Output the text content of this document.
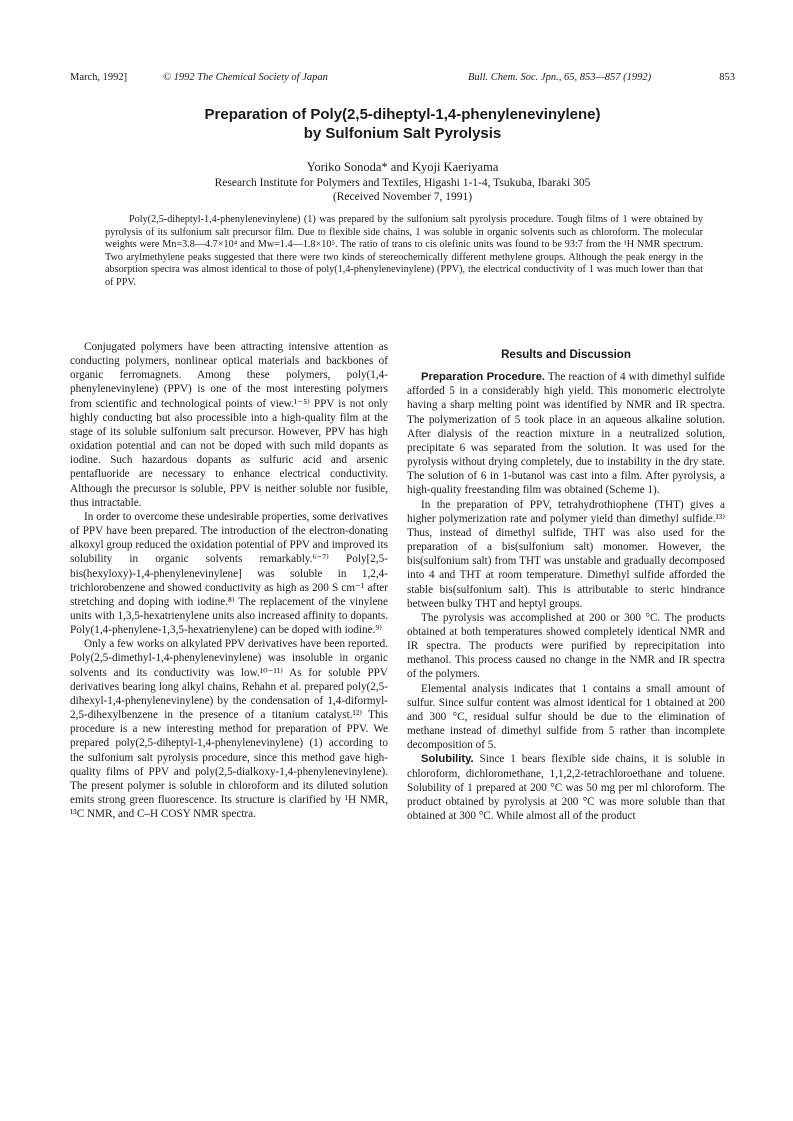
March, 1992]	© 1992 The Chemical Society of Japan	Bull. Chem. Soc. Jpn., 65, 853—857 (1992)	853
Preparation of Poly(2,5-diheptyl-1,4-phenylenevinylene)
by Sulfonium Salt Pyrolysis
Yoriko Sonoda* and Kyoji Kaeriyama
Research Institute for Polymers and Textiles, Higashi 1-1-4, Tsukuba, Ibaraki 305
(Received November 7, 1991)

Poly(2,5-diheptyl-1,4-phenylenevinylene) (1) was prepared by the sulfonium salt pyrolysis procedure. Tough films of 1 were obtained by pyrolysis of its sulfonium salt precursor film. Due to flexible side chains, 1 was soluble in organic solvents such as chloroform. The molecular weights were Mn=3.8—4.7×10⁴ and Mw=1.4—1.8×10⁵. The ratio of trans to cis olefinic units was found to be 93:7 from the ¹H NMR spectrum. Two arylmethylene peaks suggested that there were two kinds of stereochemically different methylene groups. Although the peak energy in the absorption spectra was almost identical to those of poly(1,4-phenylenevinylene) (PPV), the electrical conductivity of 1 was much lower than that of PPV.

Conjugated polymers have been attracting intensive attention as conducting polymers, nonlinear optical materials and backbones of organic ferromagnets. Among these polymers, poly(1,4-phenylenevinylene) (PPV) is one of the most interesting polymers from scientific and technological points of view.¹⁻⁵⁾ PPV is not only highly conducting but also processible into a high-quality film at the stage of its soluble sulfonium salt precursor. However, PPV has high oxidation potential and can not be doped with such mild dopants as iodine. Such hazardous dopants as sulfuric acid and arsenic pentafluoride are necessary to enhance electrical conductivity. Although the precursor is soluble, PPV is neither soluble nor fusible, thus intractable.

In order to overcome these undesirable properties, some derivatives of PPV have been prepared. The introduction of the electron-donating alkoxyl group reduced the oxidation potential of PPV and improved its solubility in organic solvents remarkably.⁶⁻⁷⁾ Poly[2,5-bis(hexyloxy)-1,4-phenylenevinylene] was soluble in 1,2,4-trichlorobenzene and showed conductivity as high as 200 S cm⁻¹ after stretching and doping with iodine.⁸⁾ The replacement of the vinylene units with 1,3,5-hexatrienylene units also increased affinity to dopants. Poly(1,4-phenylene-1,3,5-hexatrienylene) can be doped with iodine.⁹⁾

Only a few works on alkylated PPV derivatives have been reported. Poly(2,5-dimethyl-1,4-phenylenevinylene) was insoluble in organic solvents and its conductivity was low.¹⁰⁻¹¹⁾ As for soluble PPV derivatives bearing long alkyl chains, Rehahn et al. prepared poly(2,5-dihexyl-1,4-phenylenevinylene) by the condensation of 1,4-diformyl-2,5-dihexylbenzene in the presence of a titanium catalyst.¹²⁾ This procedure is a new interesting method for preparation of PPV. We prepared poly(2,5-diheptyl-1,4-phenylenevinylene) (1) according to the sulfonium salt pyrolysis procedure, since this method gave high-quality films of PPV and poly(2,5-dialkoxy-1,4-phenylenevinylene). The present polymer is soluble in chloroform and its diluted solution emits strong green fluorescence. Its structure is clarified by ¹H NMR, ¹³C NMR, and C–H COSY NMR spectra.

Results and Discussion

Preparation Procedure. The reaction of 4 with dimethyl sulfide afforded 5 in a considerably high yield. This monomeric electrolyte having a sharp melting point was identified by NMR and IR spectra. The polymerization of 5 took place in an aqueous alkaline solution. After dialysis of the reaction mixture in a neutralized solution, precipitate 6 was separated from the solution. It was used for the pyrolysis without drying completely, due to instability in the dry state. The solution of 6 in 1-butanol was cast into a film. After pyrolysis, a high-quality freestanding film was obtained (Scheme 1).

In the preparation of PPV, tetrahydrothiophene (THT) gives a higher polymerization rate and polymer yield than dimethyl sulfide.¹³⁾ Thus, instead of dimethyl sulfide, THT was also used for the preparation of a bis(sulfonium salt) monomer. However, the bis(sulfonium salt) from THT was unstable and gradually decomposed into 4 and THT at room temperature. Dimethyl sulfide afforded the stable bis(sulfonium salt). This is attributable to steric hindrance between bulky THT and heptyl groups.

The pyrolysis was accomplished at 200 or 300 °C. The products obtained at both temperatures showed completely identical NMR and IR spectra. The products were purified by reprecipitation into methanol. This process caused no change in the NMR and IR spectra of the polymers.

Elemental analysis indicates that 1 contains a small amount of sulfur. Since sulfur content was almost identical for 1 obtained at 200 and 300 °C, residual sulfur should be due to the elimination of methane instead of dimethyl sulfide from 5 rather than incomplete decomposition of 5.

Solubility. Since 1 bears flexible side chains, it is soluble in chloroform, dichloromethane, 1,1,2,2-tetrachloroethane and toluene. Solubility of 1 prepared at 200 °C was 50 mg per ml chloroform. The product obtained by pyrolysis at 200 °C was more soluble than that obtained at 300 °C. While almost all of the product
